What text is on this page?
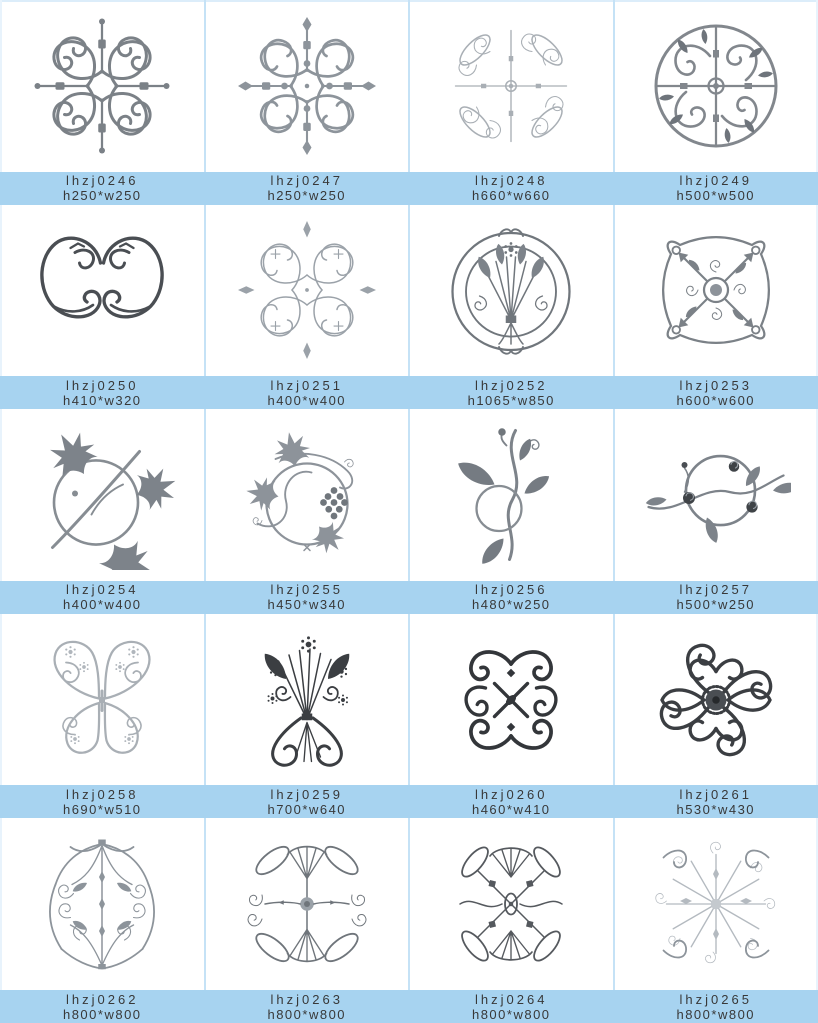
lhzj0246
h250*w250
lhzj0247
h250*w250
lhzj0248
h660*w660
lhzj0249
h500*w500
lhzj0250
h410*w320
lhzj0251
h400*w400
lhzj0252
h1065*w850
lhzj0253
h600*w600
lhzj0254
h400*w400
lhzj0255
h450*w340
lhzj0256
h480*w250
lhzj0257
h500*w250
lhzj0258
h690*w510
lhzj0259
h700*w640
lhzj0260
h460*w410
lhzj0261
h530*w430
lhzj0262
h800*w800
lhzj0263
h800*w800
lhzj0264
h800*w800
lhzj0265
h800*w800
